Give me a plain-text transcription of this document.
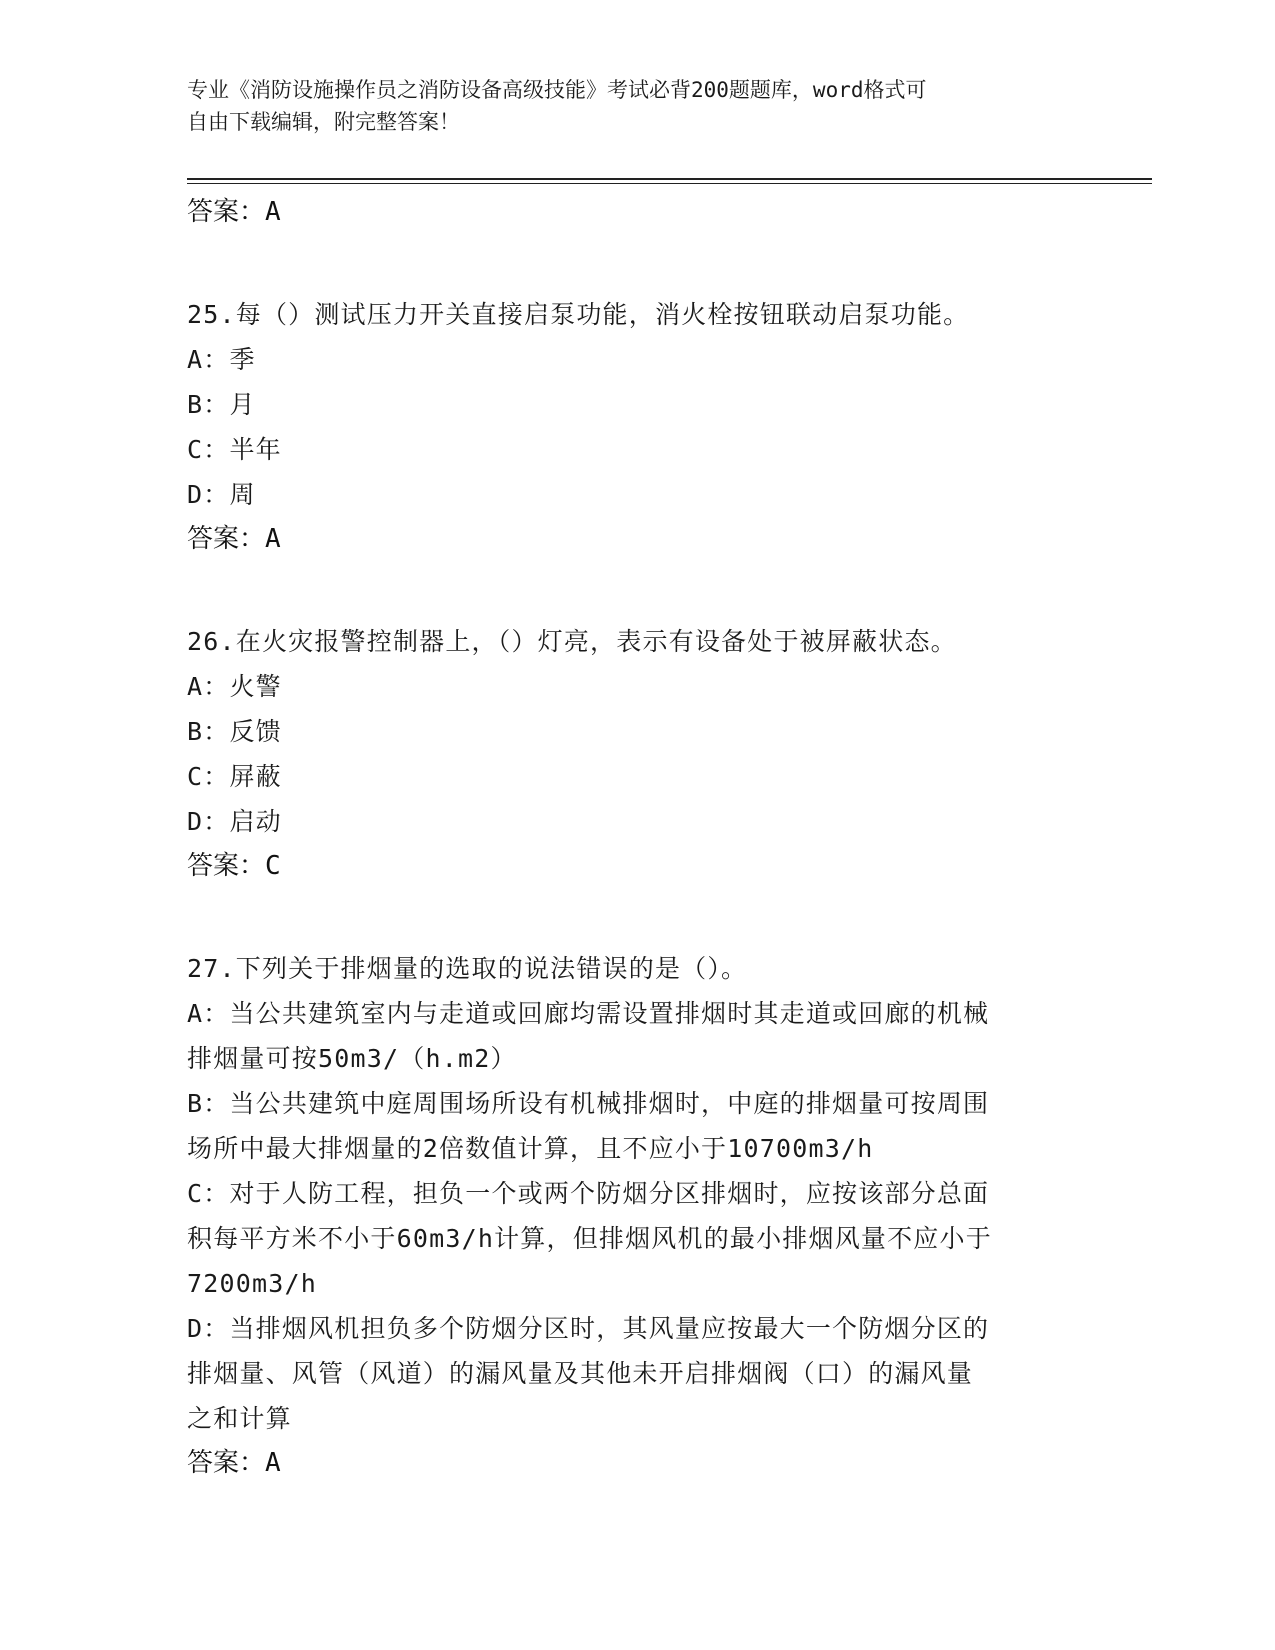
专业《消防设施操作员之消防设备高级技能》考试必背200题题库，word格式可
自由下载编辑，附完整答案！
答案：A
25.每（）测试压力开关直接启泵功能，消火栓按钮联动启泵功能。
A：季
B：月
C：半年
D：周
答案：A
26.在火灾报警控制器上，（）灯亮，表示有设备处于被屏蔽状态。
A：火警
B：反馈
C：屏蔽
D：启动
答案：C
27.下列关于排烟量的选取的说法错误的是（）。
A：当公共建筑室内与走道或回廊均需设置排烟时其走道或回廊的机械
排烟量可按50m3/（h.m2）
B：当公共建筑中庭周围场所设有机械排烟时，中庭的排烟量可按周围
场所中最大排烟量的2倍数值计算，且不应小于10700m3/h
C：对于人防工程，担负一个或两个防烟分区排烟时，应按该部分总面
积每平方米不小于60m3/h计算，但排烟风机的最小排烟风量不应小于
7200m3/h
D：当排烟风机担负多个防烟分区时，其风量应按最大一个防烟分区的
排烟量、风管（风道）的漏风量及其他未开启排烟阀（口）的漏风量
之和计算
答案：A
